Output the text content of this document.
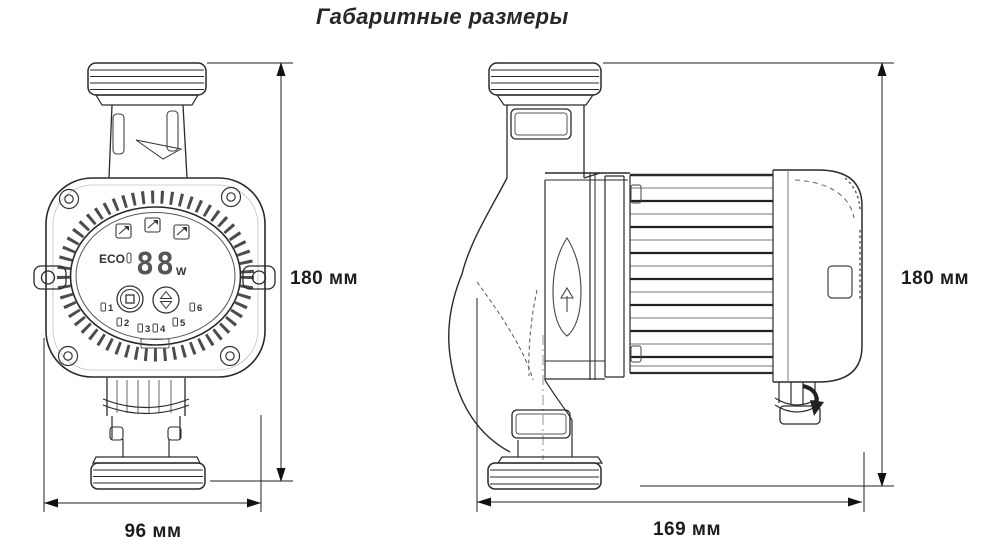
Габаритные размеры
ECO 88 W
1
2
3 4
5
6
180 мм
96 мм
180 мм
169 мм
